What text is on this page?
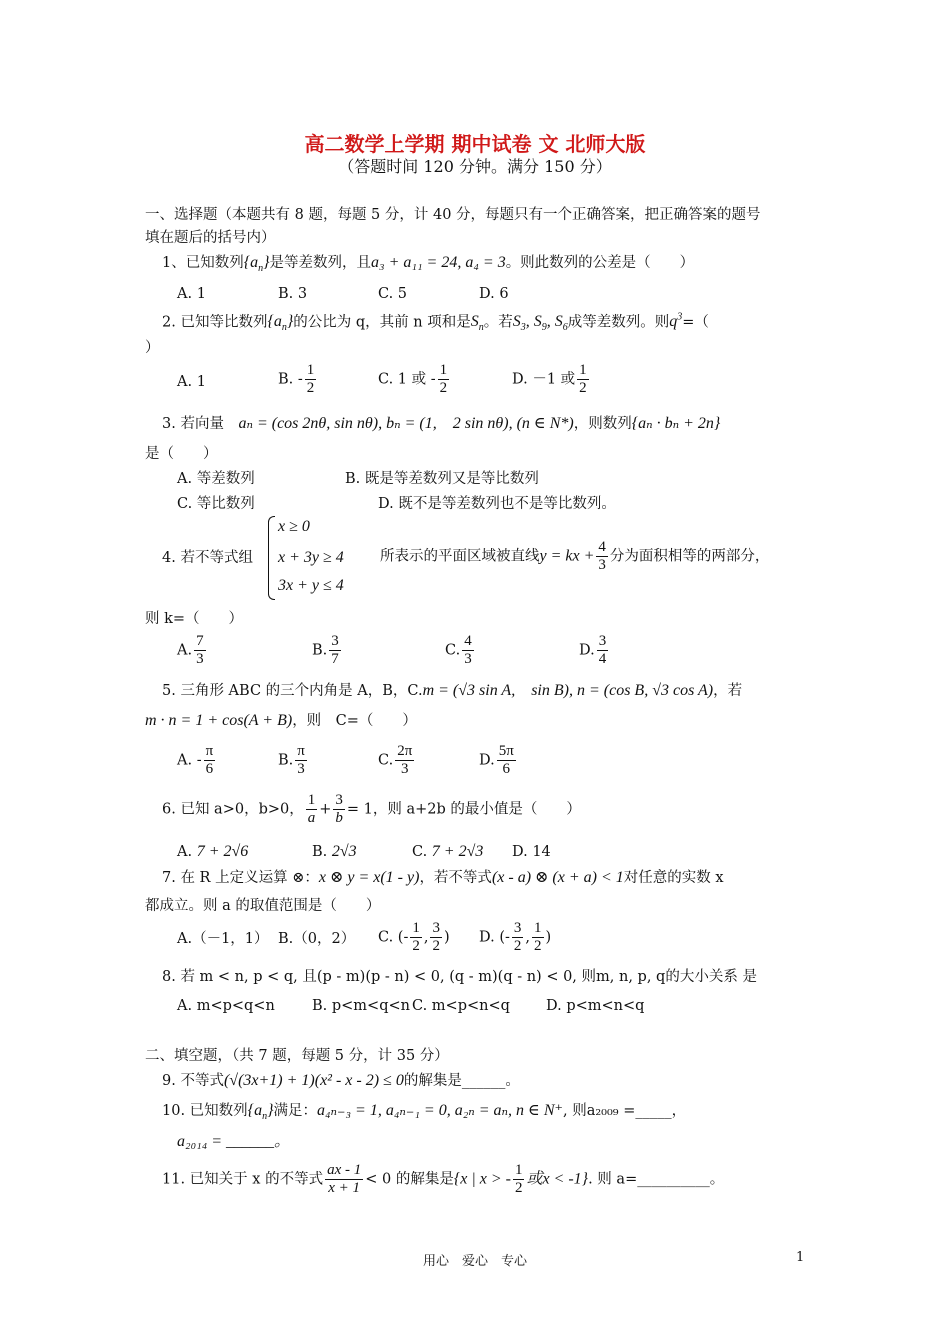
高二数学上学期 期中试卷 文 北师大版
（答题时间 120 分钟。满分 150 分）
一、选择题（本题共有 8 题，每题 5 分，计 40 分，每题只有一个正确答案，把正确答案的题号
填在题后的括号内）
1、已知数列$\{a_n\}$是等差数列，且a₃ + a₁₁ = 24, a₄ = 3。则此数列的公差是（　　）
A. 1	B. 3	C. 5	D. 6
2. 已知等比数列$\{a_n\}$的公比为 q，其前 n 项和是$S_n$。若$S_3$, $S_9$, $S_6$成等差数列。则$q^3=$（
）
A. 1	B. - $\frac{1}{2}$	C. 1 或 - $\frac{1}{2}$	D. －1 或 $\frac{1}{2}$
3. 若向量　 aₙ = (cos 2nθ, sin nθ), bₙ = (1,　2 sin nθ), (n ∈ N*)，则数列{aₙ · bₙ + 2n}
是（　　）
A. 等差数列	B. 既是等差数列又是等比数列
C. 等比数列	D. 既不是等差数列也不是等比数列。
x ≥ 0
x + 3y ≥ 4
3x + y ≤ 4
4. 若不等式组	所表示的平面区域被直线y = kx + $\frac{4}{3}$ 分为面积相等的两部分，
则 k=（　　）
A. $\frac{7}{3}$	B. $\frac{3}{7}$	C. $\frac{4}{3}$	D. $\frac{3}{4}$
5. 三角形 ABC 的三个内角是 A，B，C.m = (√3 sin A,　sin B), n = (cos B, √3 cos A)，若
m · n = 1 + cos(A + B)，则　C=（　　）
A. - $\frac{\pi}{6}$	B. $\frac{\pi}{3}$	C. $\frac{2\pi}{3}$	D. $\frac{5\pi}{6}$
6. 已知 a>0，b>0， $\frac{1}{a} + \frac{3}{b} = 1$，则 a+2b 的最小值是（　　）
A. 7 + 2√6	B. 2√3	C. 7 + 2√3 D. 14
7. 在 R 上定义运算 ⊗：x ⊗ y = x(1 - y)，若不等式(x - a) ⊗ (x + a) < 1对任意的实数 x
都成立。则 a 的取值范围是（　　）
A.（－1，1） B.（0，2） C. (- $\frac{1}{2}$ , $\frac{3}{2}$ ) D. (- $\frac{3}{2}$ , $\frac{1}{2}$ )
8. 若 m < n, p < q, 且(p - m)(p - n) < 0, (q - m)(q - n) < 0, 则m, n, p, q的大小关系 是
A. m<p<q<n	B. p<m<q<n C. m<p<n<q D. p<m<n<q
二、填空题，（共 7 题，每题 5 分，计 35 分）
9. 不等式(√(3x+1) + 1)(x² - x - 2) ≤ 0的解集是______。
10. 已知数列$\{a_n\}$满足：a₄ₙ₋₃ = 1, a₄ₙ₋₁ = 0, a₂ₙ = aₙ, n ∈ N⁺, 则a₂₀₀₉ =_____，
a₂₀₁₄ = ______。
11. 已知关于 x 的不等式 $\frac{ax - 1}{x + 1} < 0$ 的解集是{x | x > - $\frac{1}{2}$ 或x < -1}. 则 a=__________。
用心　爱心　专心	1
